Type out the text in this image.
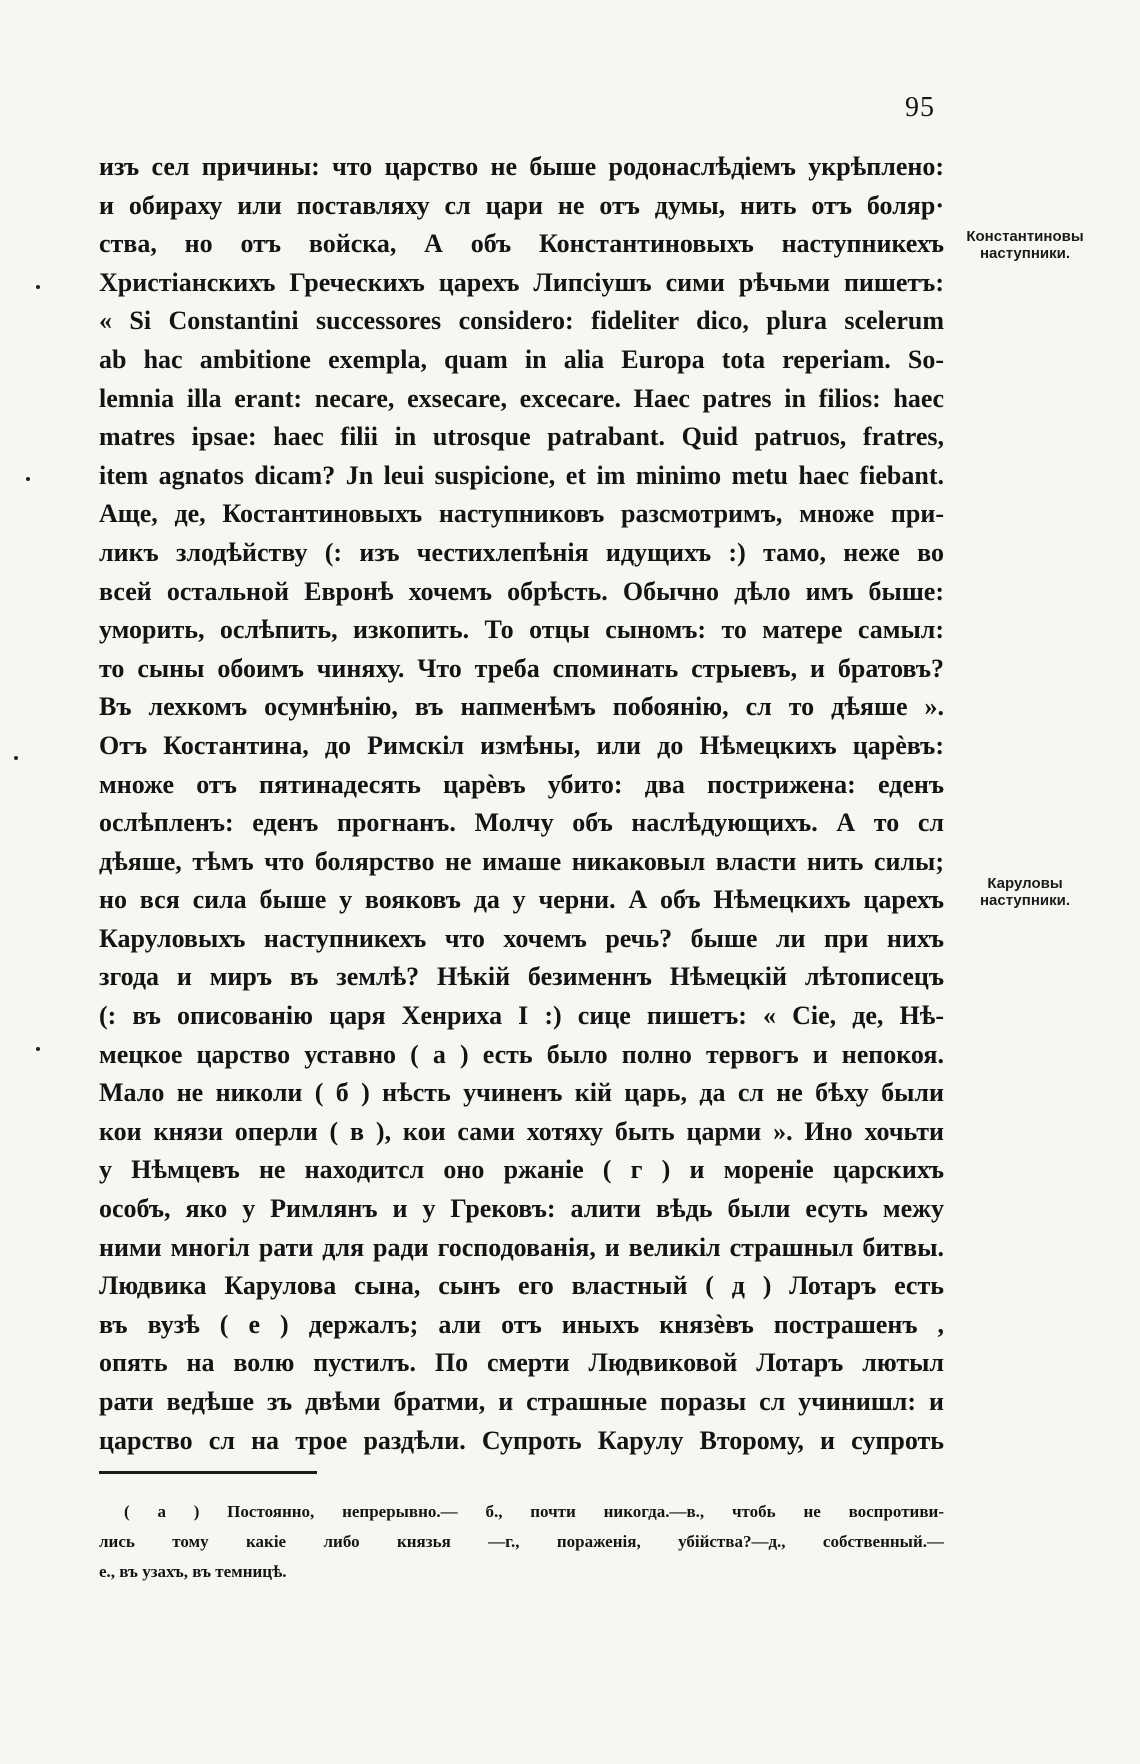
95
изъ сел причины: что царство не быше родонаслѣдіемъ укрѣплено:
и обираху или поставляху сл цари не отъ думы, нить отъ боляр·
ства, но отъ войска, А объ Константиновыхъ наступникехъ
Христіанскихъ Греческихъ царехъ Липсіушъ сими рѣчьми пишетъ:
« Si Constantini successores considero: fideliter dico, plura scelerum
ab hac ambitione exempla, quam in alia Europa tota reperiam. So-
lemnia illa erant: necare, exsecare, excecare. Haec patres in filios: haec
matres ipsae: haec filii in utrosque patrabant. Quid patruos, fratres,
item agnatos dicam? Jn leui suspicione, et im minimo metu haec fiebant.
Аще, де, Костантиновыхъ наступниковъ разсмотримъ, множе при-
ликъ злодѣйству (: изъ честихлепѣнія идущихъ :) тамо, неже во
всей остальной Евронѣ хочемъ обрѣсть. Обычно дѣло имъ быше:
уморить, ослѣпить, изкопить. То отцы сыномъ: то матере самыл:
то сыны обоимъ чиняху. Что треба споминать стрыевъ, и братовъ?
Въ лехкомъ осумнѣнію, въ напменѣмъ побоянію, сл то дѣяше ».
Отъ Костантина, до Римскіл измѣны, или до Нѣмецкихъ царѐвъ:
множе отъ пятинадесять царѐвъ убито: два пострижена: еденъ
ослѣпленъ: еденъ прогнанъ. Молчу объ наслѣдующихъ. А то сл
дѣяше, тѣмъ что болярство не имаше никаковыл власти нить силы;
но вся сила быше у вояковъ да у черни. А объ Нѣмецкихъ царехъ
Каруловыхъ наступникехъ что хочемъ речь? быше ли при нихъ
згода и миръ въ землѣ? Нѣкій безименнъ Нѣмецкій лѣтописецъ
(: въ описованію царя Хенриха I :) сице пишетъ: « Сіе, де, Нѣ-
мецкое царство уставно ( а ) есть было полно тервогъ и непокоя.
Мало не николи ( б ) нѣсть учиненъ кій царь, да сл не бѣху были
кои князи оперли ( в ), кои сами хотяху быть царми ». Ино хочьти
у Нѣмцевъ не находитсл оно ржаніе ( г ) и мореніе царскихъ
особъ, яко у Римлянъ и у Грековъ: алити вѣдь были есуть межу
ними многіл рати для ради господованія, и великіл страшныл битвы.
Людвика Карулова сына, сынъ его властный ( д ) Лотаръ есть
въ вузѣ ( е ) держалъ; али отъ иныхъ князѐвъ пострашенъ ,
опять на волю пустилъ. По смерти Людвиковой Лотаръ лютыл
рати ведѣше зъ двѣми братми, и страшные поразы сл учинишл: и
царство сл на трое раздѣли. Супроть Карулу Второму, и супроть
Константиновы
наступники.
Каруловы
наступники.
( а ) Постоянно, непрерывно.— б., почти никогда.—в., чтобь не воспротиви-
лись тому какіе либо князья —г., пораженія, убійства?—д., собственный.—
е., въ узахъ, въ темницѣ.
